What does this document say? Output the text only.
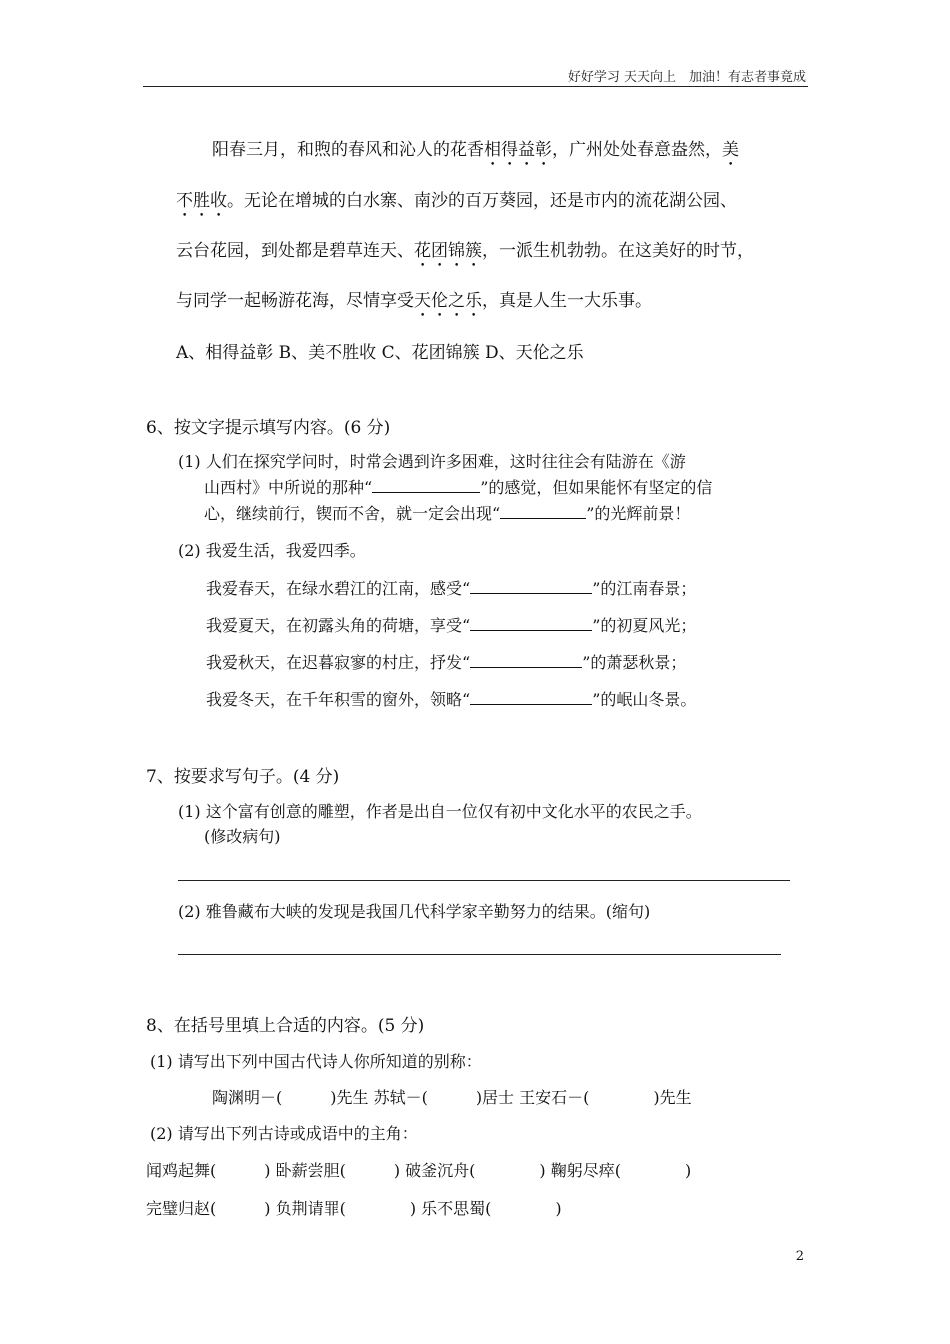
好好学习 天天向上　加油！有志者事竟成
阳春三月，和煦的春风和沁人的花香相得益彰，广州处处春意盎然，美
不胜收。无论在增城的白水寨、南沙的百万葵园，还是市内的流花湖公园、
云台花园，到处都是碧草连天、花团锦簇，一派生机勃勃。在这美好的时节，
与同学一起畅游花海，尽情享受天伦之乐，真是人生一大乐事。
A、相得益彰 B、美不胜收 C、花团锦簇 D、天伦之乐
6、按文字提示填写内容。(6 分)
(1) 人们在探究学问时，时常会遇到许多困难，这时往往会有陆游在《游
山西村》中所说的那种“	”的感觉，但如果能怀有坚定的信
心，继续前行，锲而不舍，就一定会出现“	”的光辉前景！
(2) 我爱生活，我爱四季。
我爱春天，在绿水碧江的江南，感受“	”的江南春景；
我爱夏天，在初露头角的荷塘，享受“	”的初夏风光；
我爱秋天，在迟暮寂寥的村庄，抒发“	”的萧瑟秋景；
我爱冬天，在千年积雪的窗外，领略“	”的岷山冬景。
7、按要求写句子。(4 分)
(1) 这个富有创意的雕塑，作者是出自一位仅有初中文化水平的农民之手。
(修改病句)
(2) 雅鲁藏布大峡的发现是我国几代科学家辛勤努力的结果。(缩句)
8、在括号里填上合适的内容。(5 分)
(1) 请写出下列中国古代诗人你所知道的别称：
陶渊明－(　　　)先生 苏轼－(　　　)居士 王安石－(　　　　)先生
(2) 请写出下列古诗或成语中的主角：
闻鸡起舞(　　　) 卧薪尝胆(　　　) 破釜沉舟(　　　　) 鞠躬尽瘁(　　　　)
完璧归赵(　　　) 负荆请罪(　　　　) 乐不思蜀(　　　　)
2
